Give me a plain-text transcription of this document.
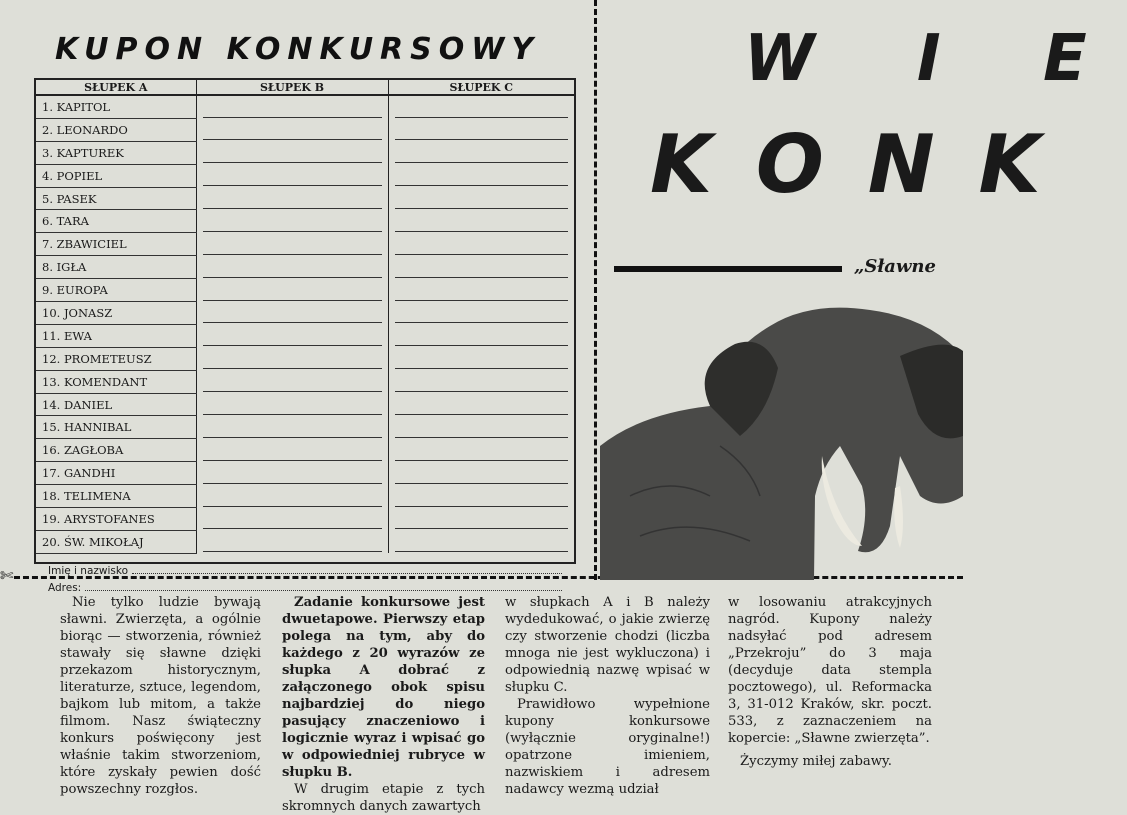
KUPON KONKURSOWY
SŁUPEK A	SŁUPEK B	SŁUPEK C
1. KAPITOL	

2. LEONARDO	

3. KAPTUREK	

4. POPIEL	

5. PASEK	

6. TARA	

7. ZBAWICIEL	

8. IGŁA	

9. EUROPA	

10. JONASZ	

11. EWA	

12. PROMETEUSZ	

13. KOMENDANT	

14. DANIEL	

15. HANNIBAL	

16. ZAGŁOBA	

17. GANDHI	

18. TELIMENA	

19. ARYSTOFANES	

20. ŚW. MIKOŁAJ	

Imię i nazwisko
Adres:
✄
W I E
K O N K
„Sławne

Nie tylko ludzie bywają sławni. Zwierzęta, a ogólnie biorąc — stworzenia, również stawały się sławne dzięki przekazom historycznym, literaturze, sztuce, legendom, bajkom lub mitom, a także filmom. Nasz świąteczny konkurs poświęcony jest właśnie takim stworzeniom, które zyskały pewien dość powszechny rozgłos.

Zadanie konkursowe jest dwuetapowe. Pierwszy etap polega na tym, aby do każdego z 20 wyrazów ze słupka A dobrać z załączonego obok spisu najbardziej do niego pasujący znaczeniowo i logicznie wyraz i wpisać go w odpowiedniej rubryce w słupku B.

W drugim etapie z tych skromnych danych zawartych

w słupkach A i B należy wydedukować, o jakie zwierzę czy stworzenie chodzi (liczba mnoga nie jest wykluczona) i odpowiednią nazwę wpisać w słupku C.

Prawidłowo wypełnione kupony konkursowe (wyłącznie oryginalne!) opatrzone imieniem, nazwiskiem i adresem nadawcy wezmą udział

w losowaniu atrakcyjnych nagród. Kupony należy nadsyłać pod adresem „Przekroju” do 3 maja (decyduje data stempla pocztowego), ul. Reformacka 3, 31-012 Kraków, skr. poczt. 533, z zaznaczeniem na kopercie: „Sławne zwierzęta”.

Życzymy miłej zabawy.
